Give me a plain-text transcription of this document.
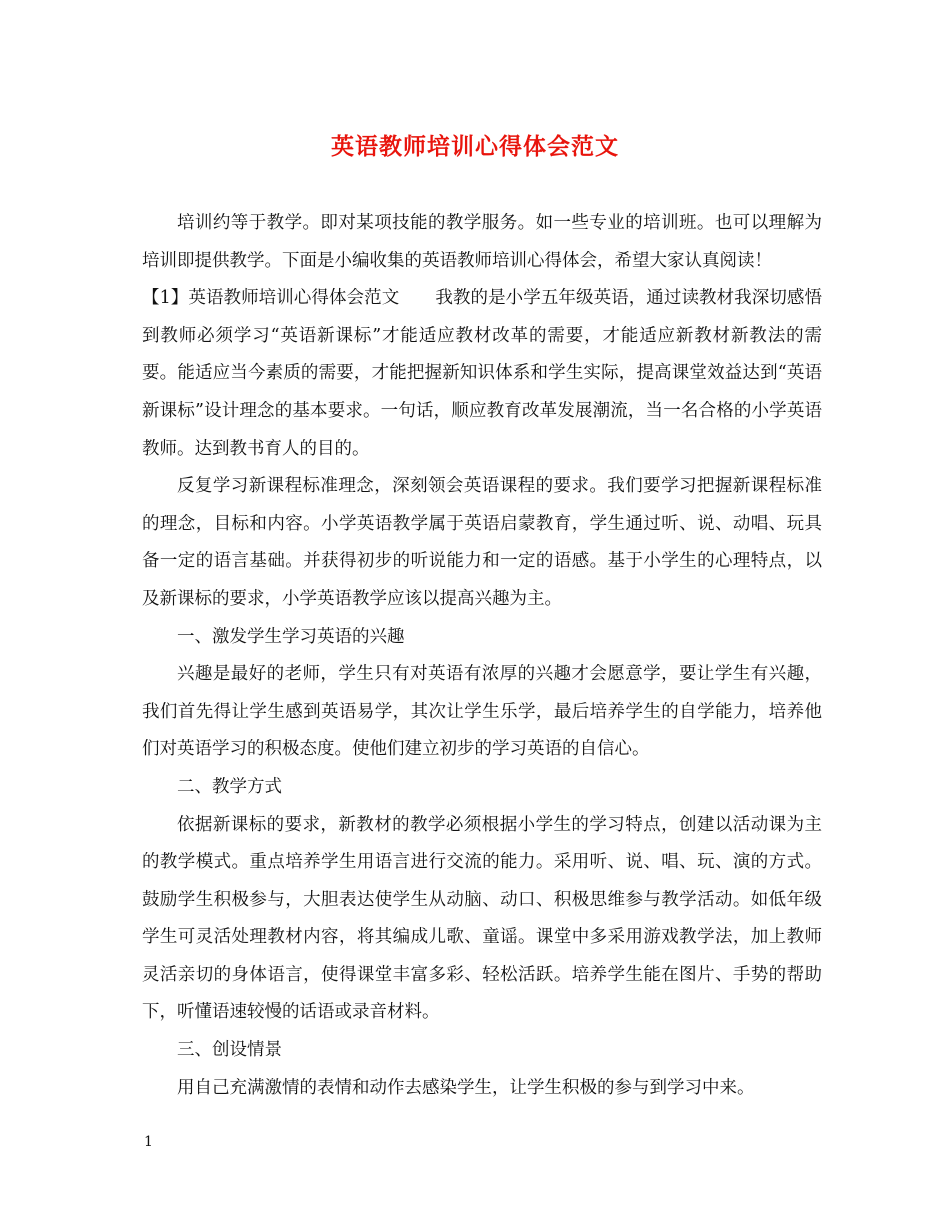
英语教师培训心得体会范文

培训约等于教学。即对某项技能的教学服务。如一些专业的培训班。也可以理解为培训即提供教学。下面是小编收集的英语教师培训心得体会，希望大家认真阅读！

【1】英语教师培训心得体会范文 我教的是小学五年级英语，通过读教材我深切感悟到教师必须学习“英语新课标”才能适应教材改革的需要，才能适应新教材新教法的需要。能适应当今素质的需要，才能把握新知识体系和学生实际，提高课堂效益达到“英语新课标”设计理念的基本要求。一句话，顺应教育改革发展潮流，当一名合格的小学英语教师。达到教书育人的目的。

反复学习新课程标准理念，深刻领会英语课程的要求。我们要学习把握新课程标准的理念，目标和内容。小学英语教学属于英语启蒙教育，学生通过听、说、动唱、玩具备一定的语言基础。并获得初步的听说能力和一定的语感。基于小学生的心理特点，以及新课标的要求，小学英语教学应该以提高兴趣为主。

一、激发学生学习英语的兴趣

兴趣是最好的老师，学生只有对英语有浓厚的兴趣才会愿意学，要让学生有兴趣，我们首先得让学生感到英语易学，其次让学生乐学，最后培养学生的自学能力，培养他们对英语学习的积极态度。使他们建立初步的学习英语的自信心。

二、教学方式

依据新课标的要求，新教材的教学必须根据小学生的学习特点，创建以活动课为主的教学模式。重点培养学生用语言进行交流的能力。采用听、说、唱、玩、演的方式。鼓励学生积极参与，大胆表达使学生从动脑、动口、积极思维参与教学活动。如低年级学生可灵活处理教材内容，将其编成儿歌、童谣。课堂中多采用游戏教学法，加上教师灵活亲切的身体语言，使得课堂丰富多彩、轻松活跃。培养学生能在图片、手势的帮助下，听懂语速较慢的话语或录音材料。

三、创设情景

用自己充满激情的表情和动作去感染学生，让学生积极的参与到学习中来。

1
